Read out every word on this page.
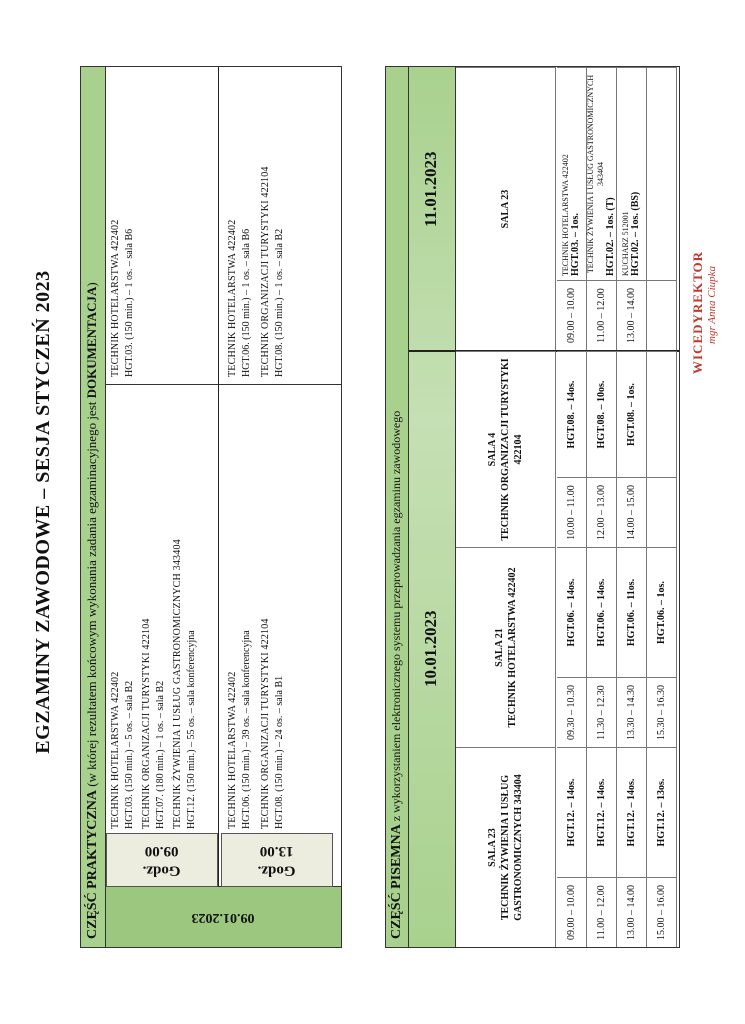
EGZAMINY ZAWODOWE – SESJA STYCZEŃ 2023
CZĘŚĆ PRAKTYCZNA (w której rezultatem końcowym wykonania zadania egzaminacyjnego jest DOKUMENTACJA)
09.01.2023
Godz. 09.00
TECHNIK HOTELARSTWA 422402 HGT.03. (150 min.) – 5 os. – sala B2 TECHNIK ORGANIZACJI TURYSTYKI 422104 HGT.07. (180 min.) – 1 os. – sala B2 TECHNIK ŻYWIENIA I USŁUG GASTRONOMICZNYCH 343404 HGT.12. (150 min.) – 55 os. – sala konferencyjna
TECHNIK HOTELARSTWA 422402 HGT.03. (150 min.) – 1 os. – sala B6
Godz. 13.00
TECHNIK HOTELARSTWA 422402 HGT.06. (150 min.) – 39 os. – sala konferencyjna TECHNIK ORGANIZACJI TURYSTYKI 422104 HGT.08. (150 min.) – 24 os. – sala B1
TECHNIK HOTELARSTWA 422402 HGT.06. (150 min.) – 1 os. – sala B6 TECHNIK ORGANIZACJI TURYSTYKI 422104 HGT.08. (150 min.) – 1 os. – sala B2
CZĘŚĆ PISEMNA z wykorzystaniem elektronicznego systemu przeprowadzania egzaminu zawodowego 10.01.2023
11.01.2023
SALA 23 TECHNIK ŻYWIENIA I USŁUG GASTRONOMICZNYCH 343404
SALA 21 TECHNIK HOTELARSTWA 422402
SALA 4 TECHNIK ORGANIZACJI TURYSTYKI 422104
SALA 23
09.00 – 10.00
HGT.12. – 14os.
09.30 – 10.30
HGT.06. – 14os.
10.00 – 11.00
HGT.08. – 14os.
09.00 – 10.00
TECHNIK HOTELARSTWA 422402 HGT.03. – 1os.
11.00 – 12.00
HGT.12. – 14os.
11.30 – 12.30
HGT.06. – 14os.
12.00 – 13.00
HGT.08. – 10os.
11.00 – 12.00
TECHNIK ŻYWIENIA I USŁUG GASTRONOMICZNYCH 343404
HGT.02. – 1os. (T)
13.00 – 14.00
HGT.12. – 14os.
13.30 – 14.30
HGT.06. – 11os.
14.00 – 15.00
HGT.08. – 1os.
13.00 – 14.00
KUCHARZ 512001 HGT.02. – 1os. (BS)
15.00 – 16.00
HGT.12. – 13os.
15.30 – 16.30
HGT.06. – 1os.
WICEDYREKTOR mgr Anna Ciupka
